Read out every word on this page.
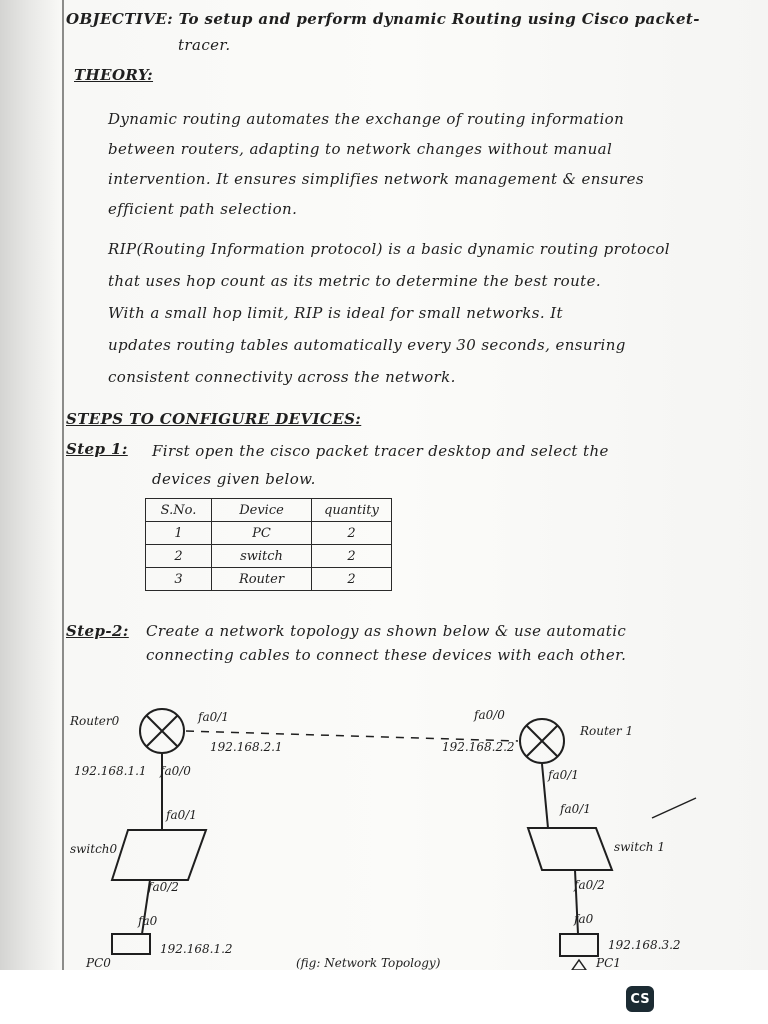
OBJECTIVE: To setup and perform dynamic Routing using Cisco packet-
tracer.
THEORY:
Dynamic routing automates the exchange of routing information
between routers, adapting to network changes without manual
intervention. It ensures simplifies network management & ensures
efficient path selection.
RIP(Routing Information protocol) is a basic dynamic routing protocol
that uses hop count as its metric to determine the best route.
With a small hop limit, RIP is ideal for small networks. It
updates routing tables automatically every 30 seconds, ensuring
consistent connectivity across the network.
STEPS TO CONFIGURE DEVICES:
Step 1: First open the cisco packet tracer desktop and select the
devices given below.
S.No.	Device	quantity
1	PC	2
2	switch	2
3	Router	2
Step-2: Create a network topology as shown below & use automatic
connecting cables to connect these devices with each other.
Router0
Router 1
fa0/1
192.168.2.1
fa0/0
192.168.2.2
192.168.1.1 fa0/0	fa0/1
fa0/1	fa0/1
switch0	switch 1
fa0/2	fa0/2
fa0	fa0
192.168.1.2	192.168.3.2
PC0	PC1
(fig: Network Topology)
CS
